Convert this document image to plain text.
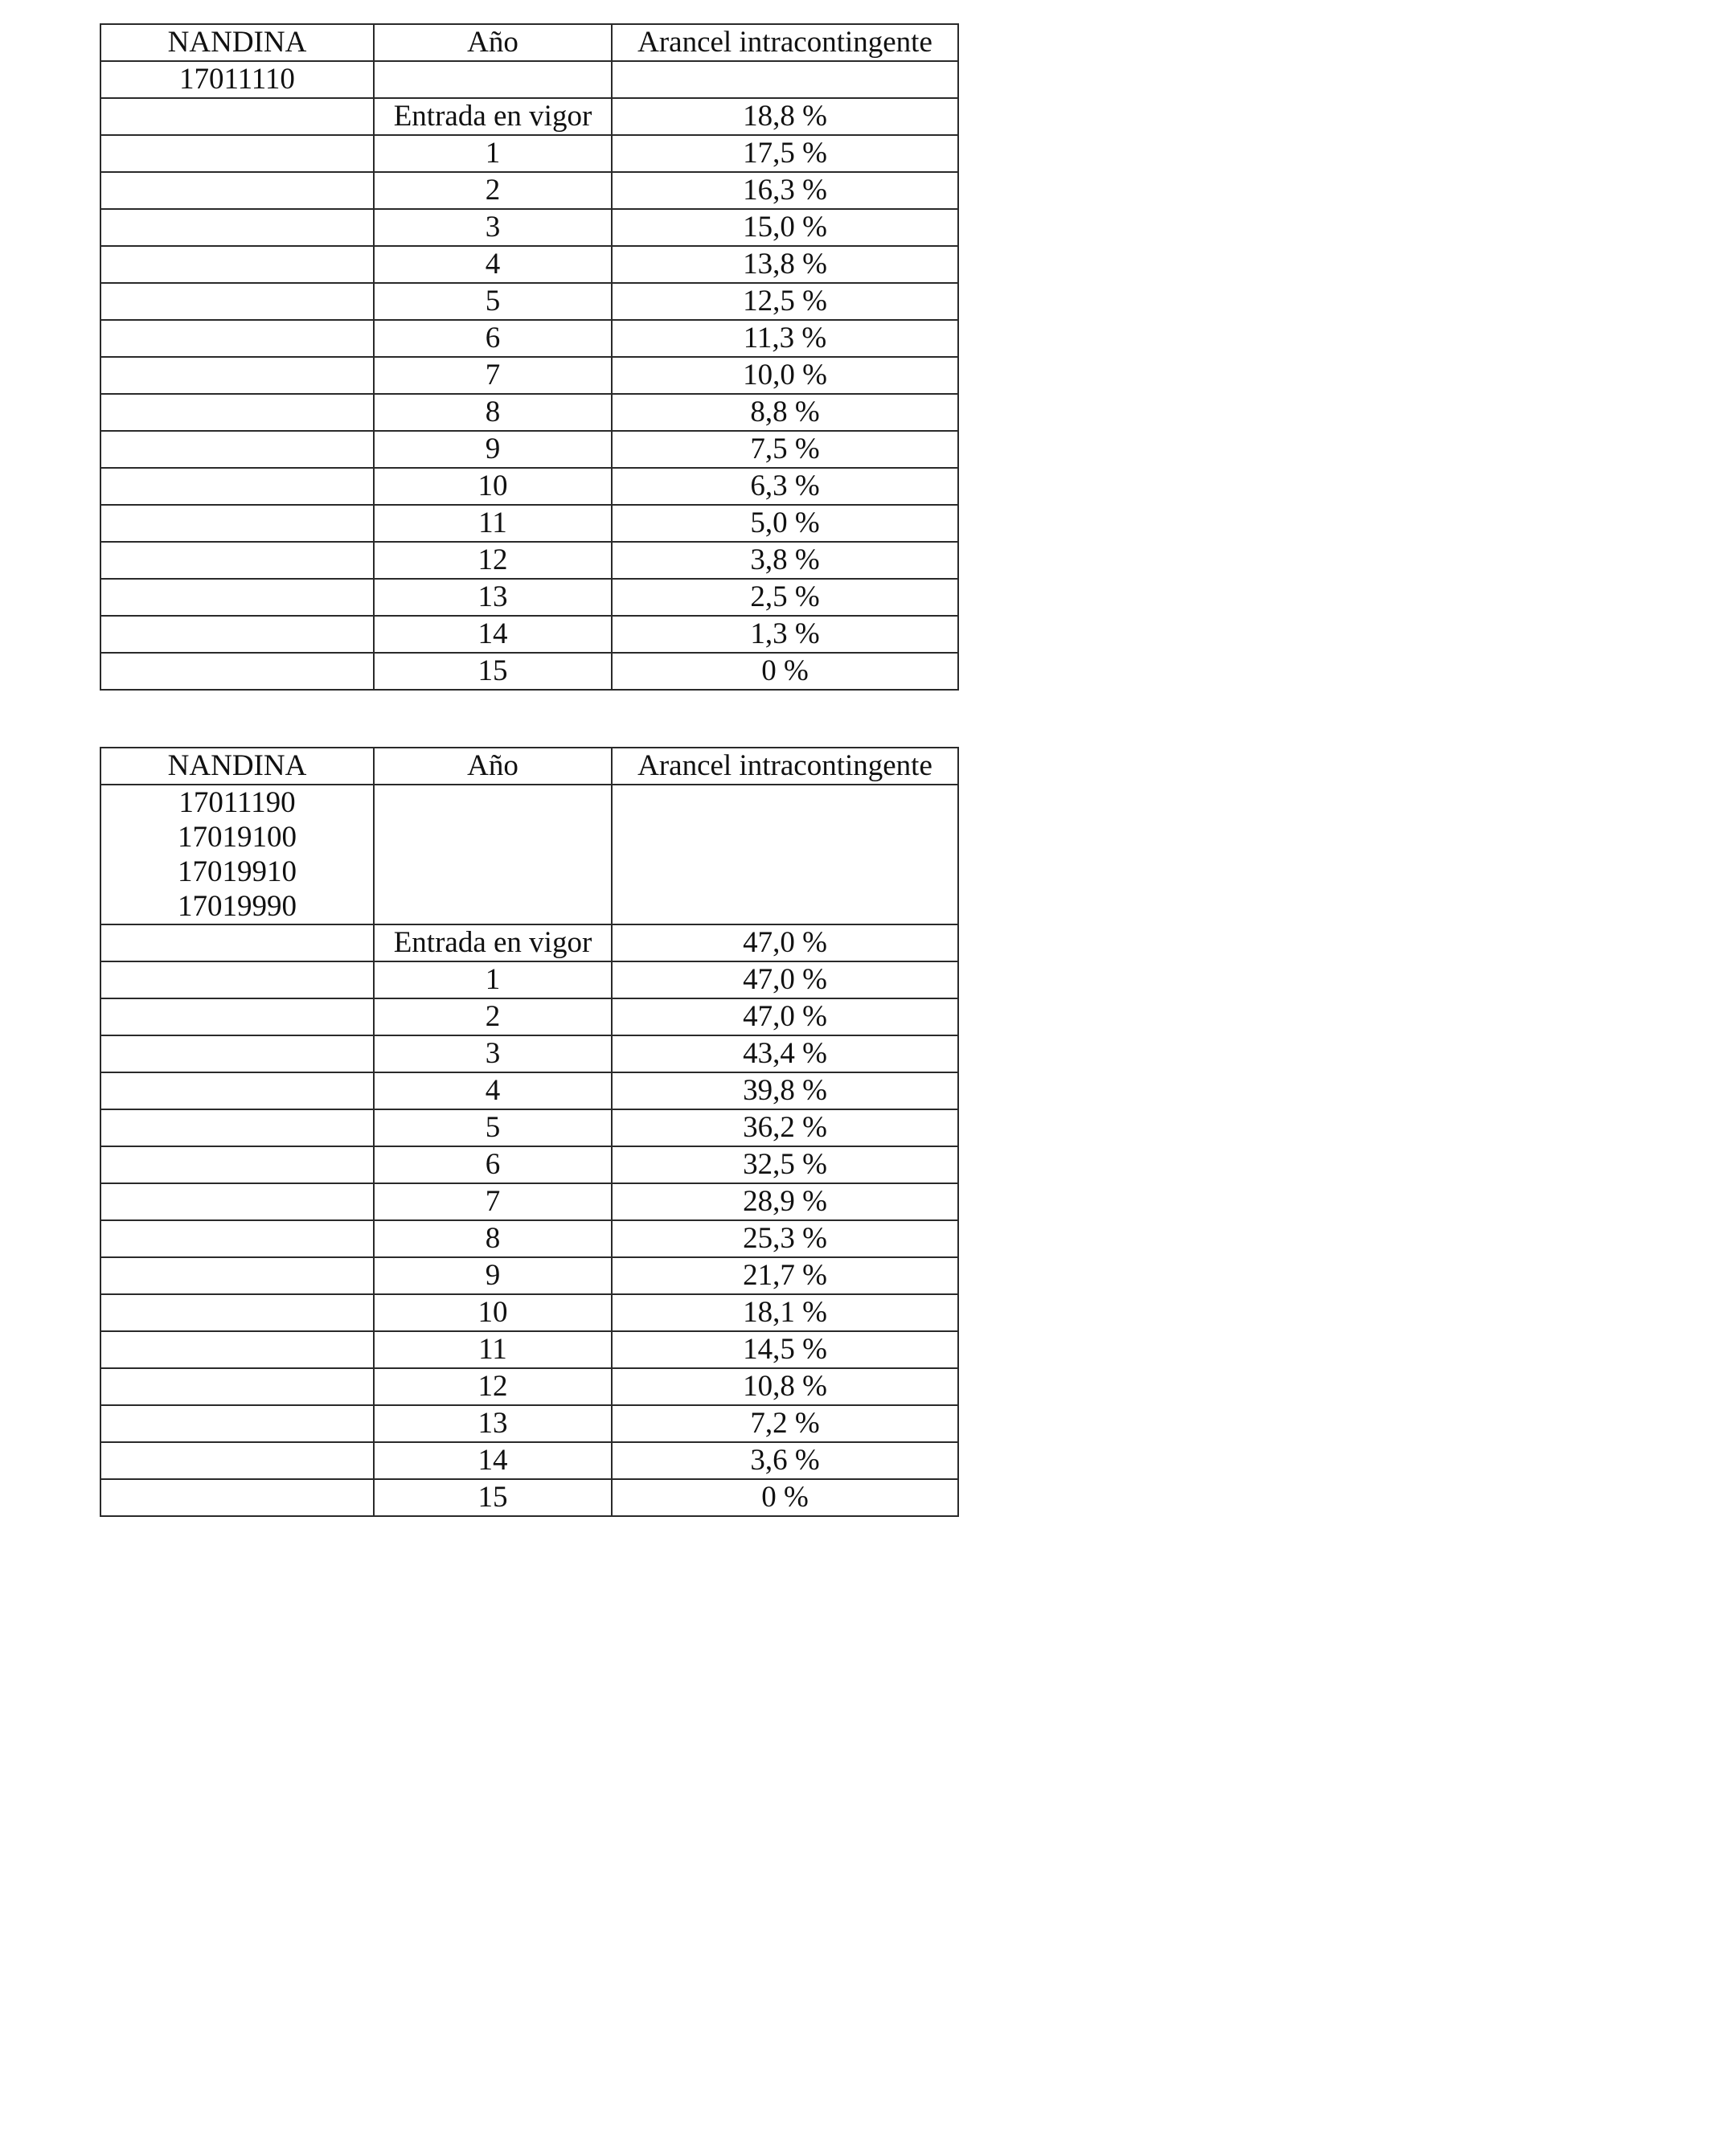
NANDINA	Año	Arancel intracontingente

17011110		

	Entrada en vigor	18,8 %
	1	17,5 %
	2	16,3 %
	3	15,0 %
	4	13,8 %
	5	12,5 %
	6	11,3 %
	7	10,0 %
	8	8,8 %
	9	7,5 %
	10	6,3 %
	11	5,0 %
	12	3,8 %
	13	2,5 %
	14	1,3 %
	15	0 %
NANDINA	Año	Arancel intracontingente

17011190
17019100
17019910
17019990		

	Entrada en vigor	47,0 %
	1	47,0 %
	2	47,0 %
	3	43,4 %
	4	39,8 %
	5	36,2 %
	6	32,5 %
	7	28,9 %
	8	25,3 %
	9	21,7 %
	10	18,1 %
	11	14,5 %
	12	10,8 %
	13	7,2 %
	14	3,6 %
	15	0 %
